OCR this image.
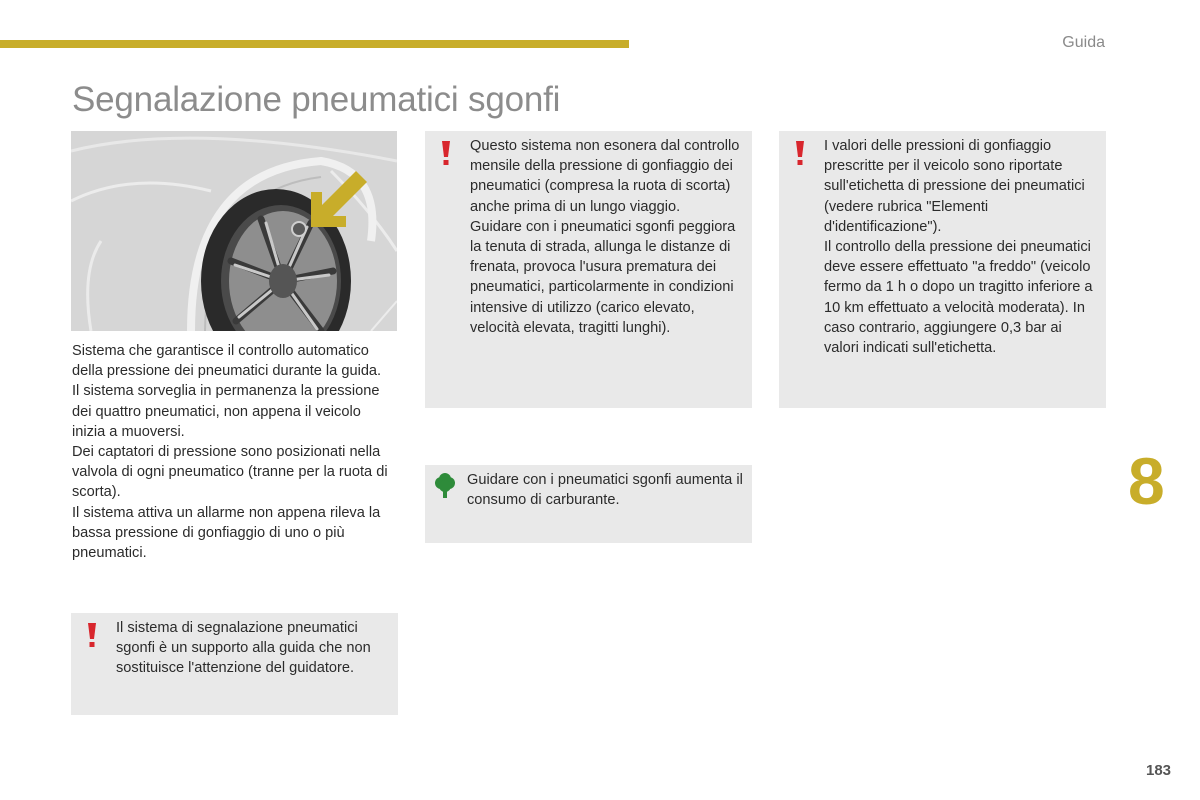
Guida
Segnalazione pneumatici sgonfi

Sistema che garantisce il controllo automatico della pressione dei pneumatici durante la guida.

Il sistema sorveglia in permanenza la pressione dei quattro pneumatici, non appena il veicolo inizia a muoversi.

Dei captatori di pressione sono posizionati nella valvola di ogni pneumatico (tranne per la ruota di scorta).

Il sistema attiva un allarme non appena rileva la bassa pressione di gonfiaggio di uno o più pneumatici.

Il sistema di segnalazione pneumatici sgonfi è un supporto alla guida che non sostituisce l'attenzione del guidatore.

Questo sistema non esonera dal controllo mensile della pressione di gonfiaggio dei pneumatici (compresa la ruota di scorta) anche prima di un lungo viaggio.

Guidare con i pneumatici sgonfi peggiora la tenuta di strada, allunga le distanze di frenata, provoca l'usura prematura dei pneumatici, particolarmente in condizioni intensive di utilizzo (carico elevato, velocità elevata, tragitti lunghi).

I valori delle pressioni di gonfiaggio prescritte per il veicolo sono riportate sull'etichetta di pressione dei pneumatici (vedere rubrica "Elementi d'identificazione").

Il controllo della pressione dei pneumatici deve essere effettuato "a freddo" (veicolo fermo da 1 h o dopo un tragitto inferiore a 10 km effettuato a velocità moderata). In caso contrario, aggiungere 0,3 bar ai valori indicati sull'etichetta.

Guidare con i pneumatici sgonfi aumenta il consumo di carburante.	8
183
